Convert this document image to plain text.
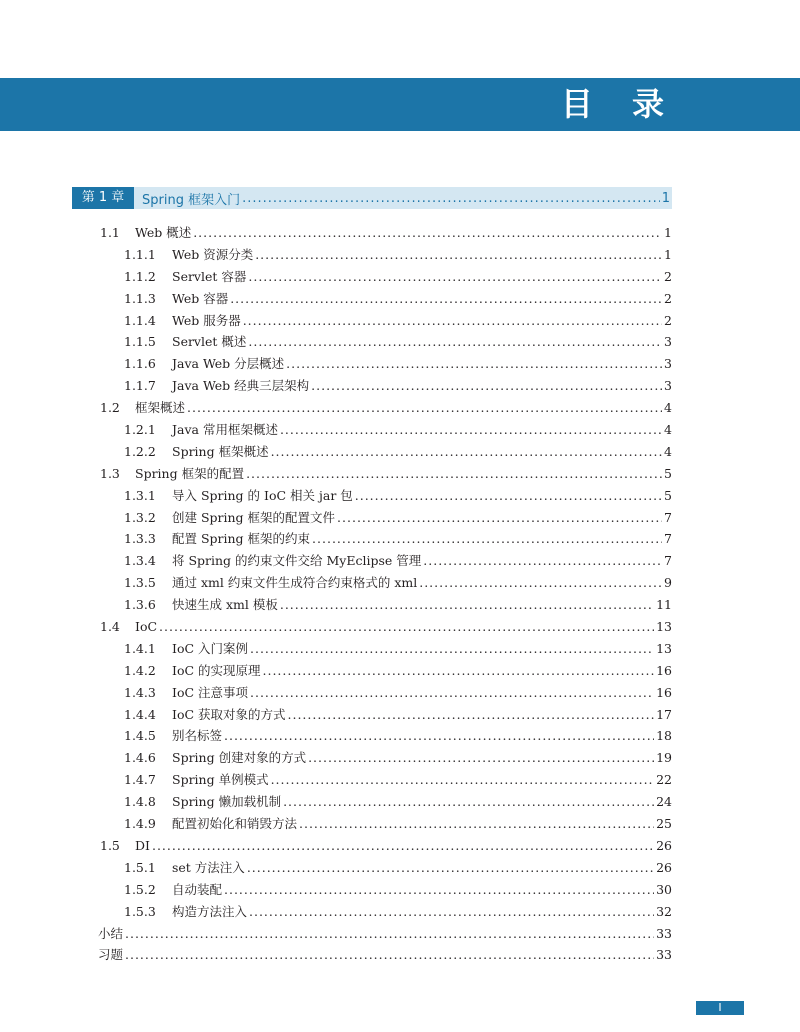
目 录
第 1 章	Spring 框架入门 .....	1
1.1 Web 概述 .....	1
1.1.1 Web 资源分类 .....	1
1.1.2 Servlet 容器 .....	2
1.1.3 Web 容器 .....	2
1.1.4 Web 服务器 .....	2
1.1.5 Servlet 概述 .....	3
1.1.6 Java Web 分层概述 .....	3
1.1.7 Java Web 经典三层架构 .....	3
1.2 框架概述 .....	4
1.2.1 Java 常用框架概述 .....	4
1.2.2 Spring 框架概述 .....	4
1.3 Spring 框架的配置 .....	5
1.3.1 导入 Spring 的 IoC 相关 jar 包 .....	5
1.3.2 创建 Spring 框架的配置文件 .....	7
1.3.3 配置 Spring 框架的约束 .....	7
1.3.4 将 Spring 的约束文件交给 MyEclipse 管理 .....	7
1.3.5 通过 xml 约束文件生成符合约束格式的 xml .....	9
1.3.6 快速生成 xml 模板 .....	11
1.4 IoC .....	13
1.4.1 IoC 入门案例 .....	13
1.4.2 IoC 的实现原理 .....	16
1.4.3 IoC 注意事项 .....	16
1.4.4 IoC 获取对象的方式 .....	17
1.4.5 别名标签 .....	18
1.4.6 Spring 创建对象的方式 .....	19
1.4.7 Spring 单例模式 .....	22
1.4.8 Spring 懒加载机制 .....	24
1.4.9 配置初始化和销毁方法 .....	25
1.5 DI .....	26
1.5.1 set 方法注入 .....	26
1.5.2 自动装配 .....	30
1.5.3 构造方法注入 .....	32
小结 .....	33
习题 .....	33
I
